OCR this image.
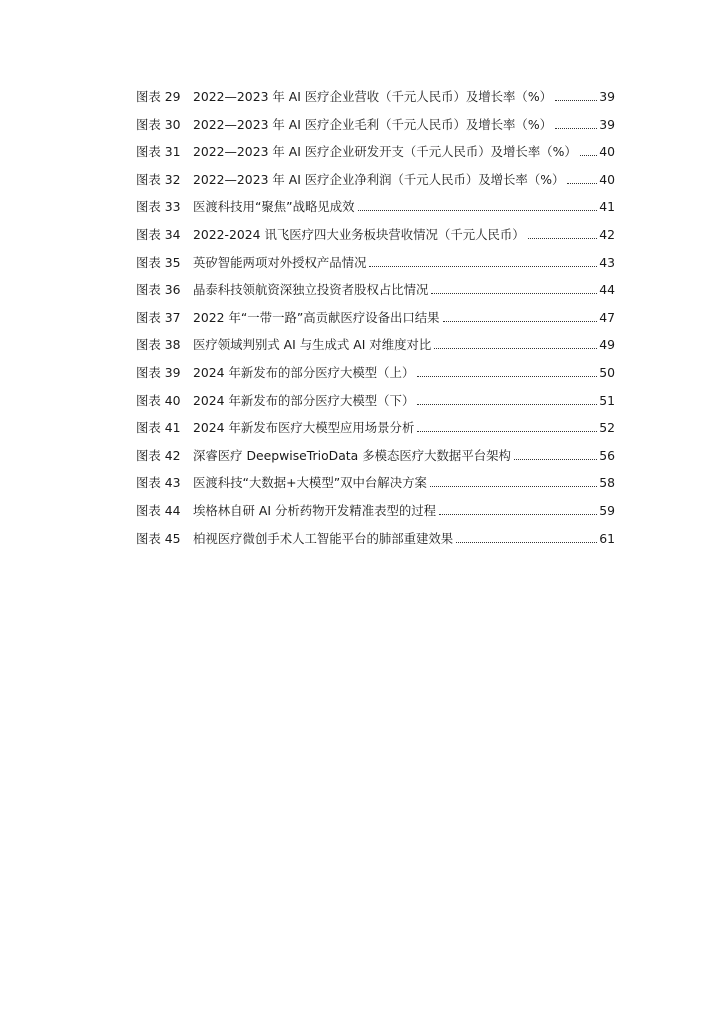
图表 29	2022—2023 年 AI 医疗企业营收（千元人民币）及增长率（%）	39
图表 30	2022—2023 年 AI 医疗企业毛利（千元人民币）及增长率（%）	39
图表 31	2022—2023 年 AI 医疗企业研发开支（千元人民币）及增长率（%） 40
图表 32	2022—2023 年 AI 医疗企业净利润（千元人民币）及增长率（%）	40
图表 33	医渡科技用“聚焦”战略见成效	41
图表 34	2022-2024 讯飞医疗四大业务板块营收情况（千元人民币）	42
图表 35	英矽智能两项对外授权产品情况	43
图表 36	晶泰科技领航资深独立投资者股权占比情况	44
图表 37	2022 年“一带一路”高贡献医疗设备出口结果	47
图表 38	医疗领域判别式 AI 与生成式 AI 对维度对比	49
图表 39	2024 年新发布的部分医疗大模型（上）	50
图表 40	2024 年新发布的部分医疗大模型（下）	51
图表 41	2024 年新发布医疗大模型应用场景分析	52
图表 42	深睿医疗 DeepwiseTrioData 多模态医疗大数据平台架构	56
图表 43	医渡科技“大数据+大模型”双中台解决方案	58
图表 44	埃格林自研 AI 分析药物开发精准表型的过程	59
图表 45	柏视医疗微创手术人工智能平台的肺部重建效果	61
